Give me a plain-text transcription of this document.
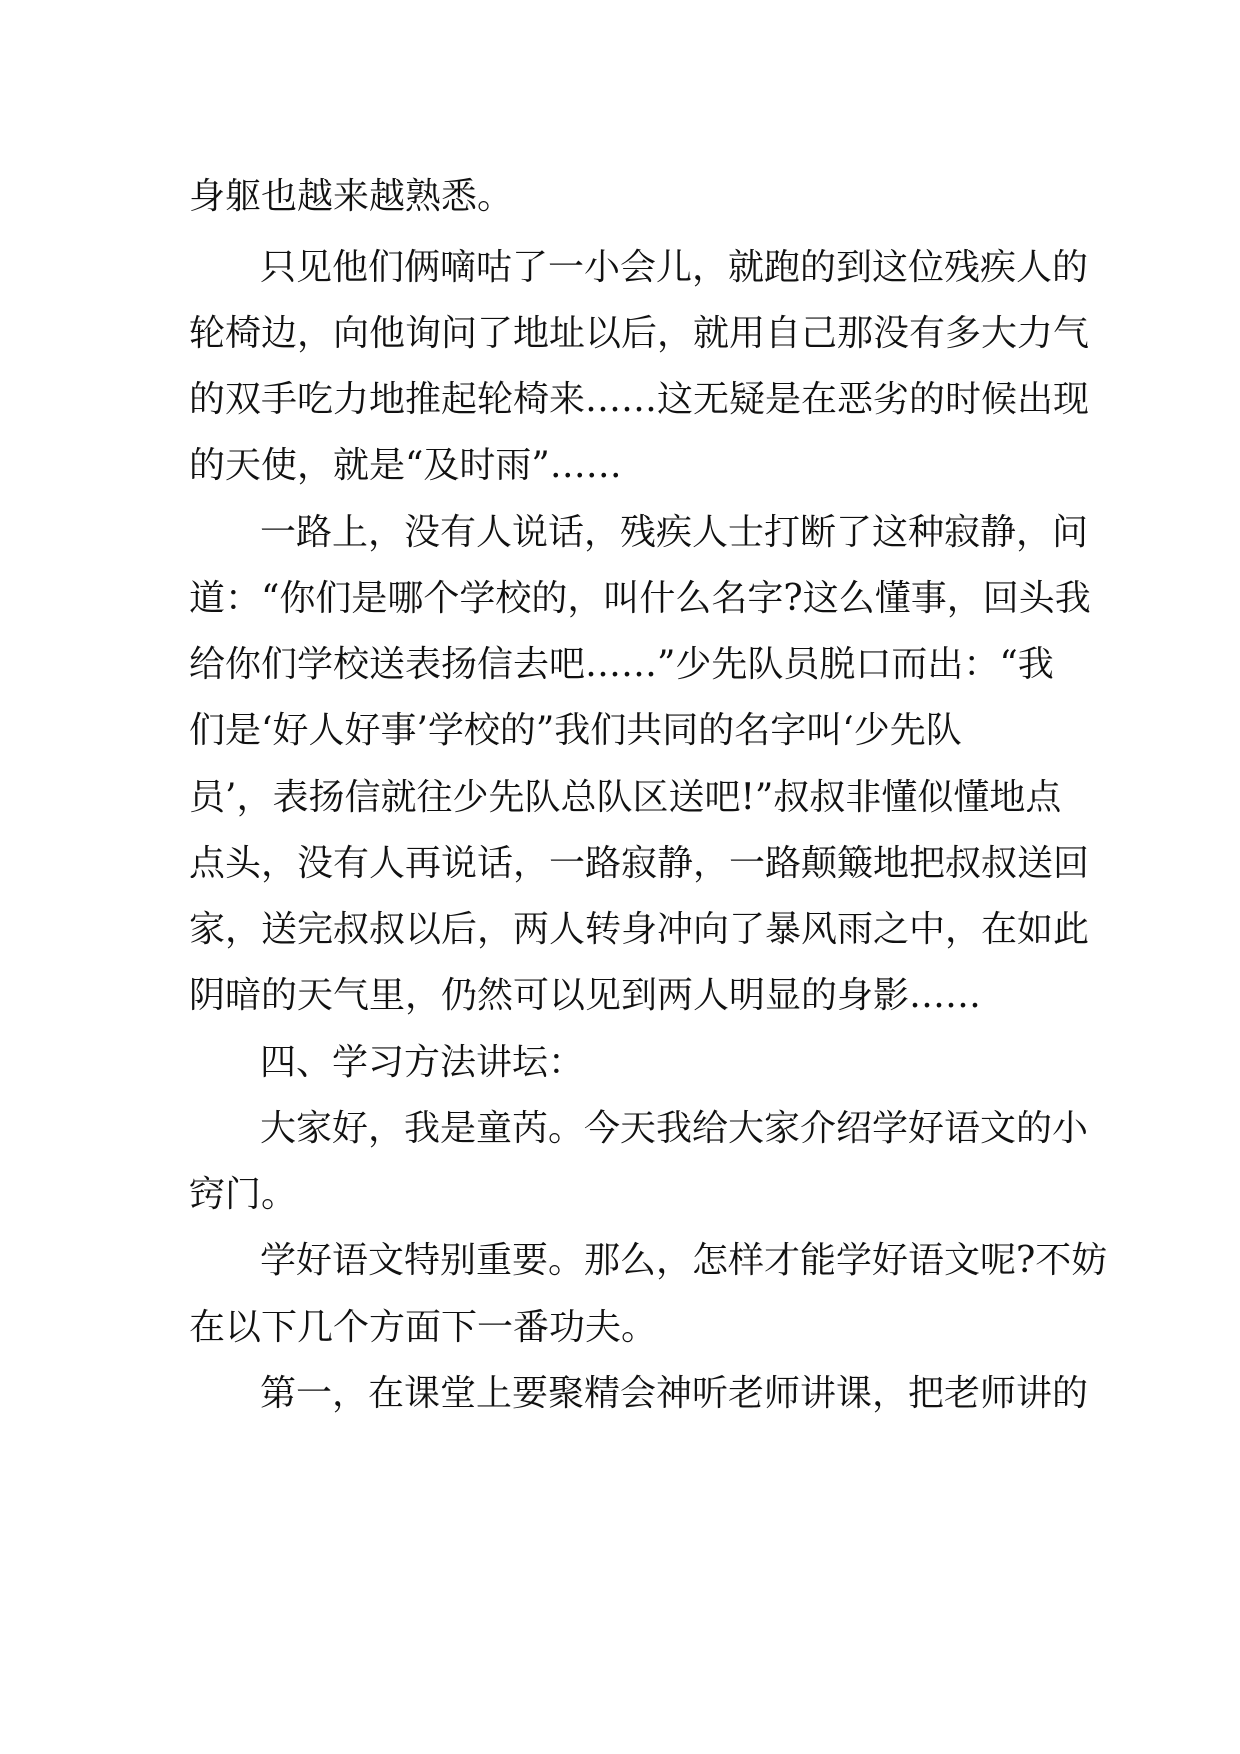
身躯也越来越熟悉。
只见他们俩嘀咕了一小会儿，就跑的到这位残疾人的
轮椅边，向他询问了地址以后，就用自己那没有多大力气
的双手吃力地推起轮椅来……这无疑是在恶劣的时候出现
的天使，就是“及时雨”……
一路上，没有人说话，残疾人士打断了这种寂静，问
道：“你们是哪个学校的，叫什么名字?这么懂事，回头我
给你们学校送表扬信去吧……”少先队员脱口而出：“我
们是‘好人好事’学校的”我们共同的名字叫‘少先队
员’，表扬信就往少先队总队区送吧!”叔叔非懂似懂地点
点头，没有人再说话，一路寂静，一路颠簸地把叔叔送回
家，送完叔叔以后，两人转身冲向了暴风雨之中，在如此
阴暗的天气里，仍然可以见到两人明显的身影……
四、学习方法讲坛：
大家好，我是童芮。今天我给大家介绍学好语文的小
窍门。
学好语文特别重要。那么，怎样才能学好语文呢?不妨
在以下几个方面下一番功夫。
第一，在课堂上要聚精会神听老师讲课，把老师讲的
